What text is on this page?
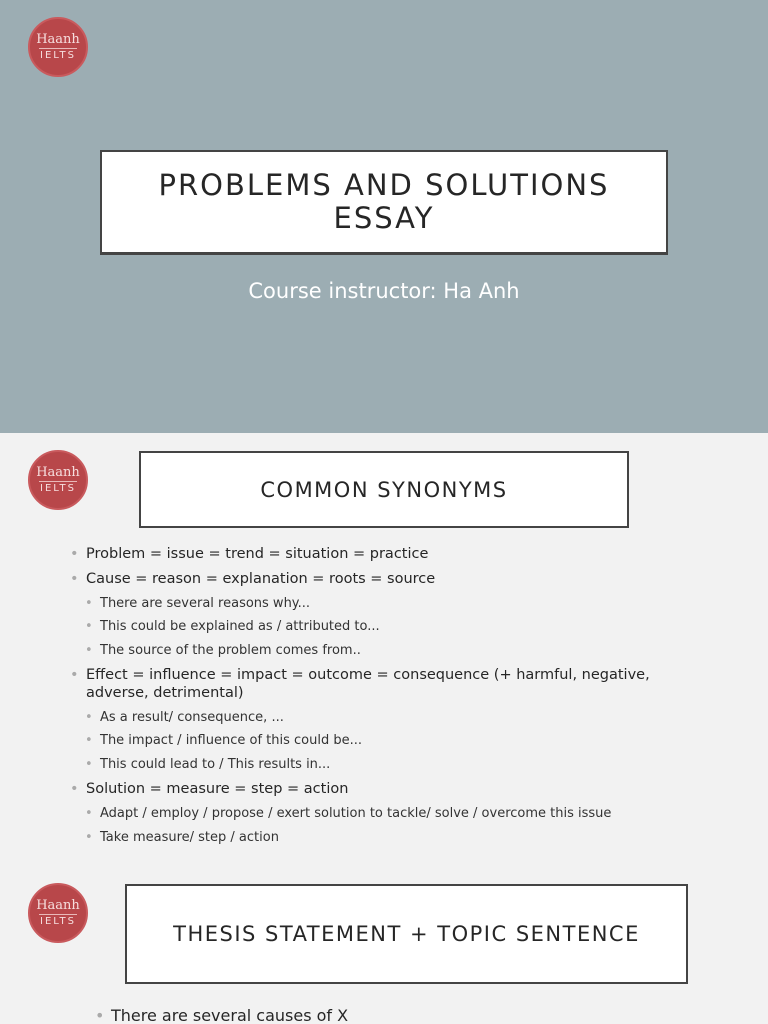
Haanh
IELTS
PROBLEMS AND SOLUTIONS ESSAY
Course instructor: Ha Anh
Haanh
IELTS	COMMON SYNONYMS
• Problem = issue = trend = situation = practice
• Cause = reason = explanation = roots = source
• There are several reasons why...
• This could be explained as / attributed to...
• The source of the problem comes from..
• Effect = influence = impact = outcome = consequence (+ harmful, negative, adverse, detrimental)
• As a result/ consequence, ...
• The impact / influence of this could be...
• This could lead to / This results in...
• Solution = measure = step = action
• Adapt / employ / propose / exert solution to tackle/ solve / overcome this issue
• Take measure/ step / action
Haanh
IELTS
THESIS STATEMENT + TOPIC SENTENCE
• There are several causes of X
